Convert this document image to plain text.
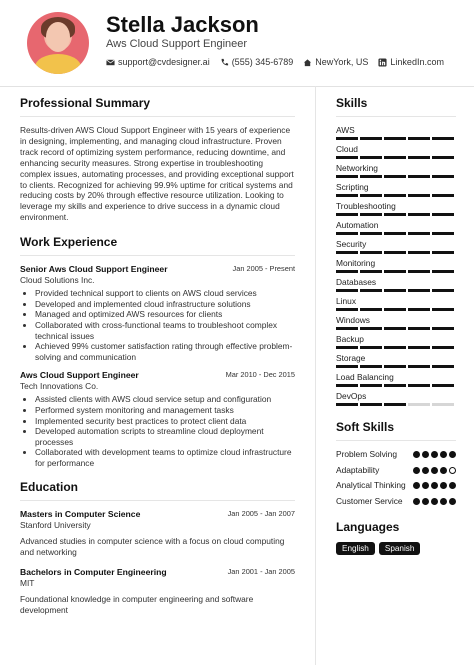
Stella Jackson
Aws Cloud Support Engineer
support@cvdesigner.ai (555) 345-6789 NewYork, US LinkedIn.com
Professional Summary

Results-driven AWS Cloud Support Engineer with 15 years of experience in designing, implementing, and managing cloud infrastructure. Proven track record of optimizing system performance, reducing downtime, and enhancing security measures. Strong expertise in troubleshooting complex issues, automating processes, and providing exceptional support to clients. Recognized for achieving 99.9% uptime for critical systems and reducing costs by 20% through effective resource utilization. Looking to leverage my skills and experience to drive success in a dynamic cloud environment.

Work Experience
Senior Aws Cloud Support Engineer	Jan 2005 - Present
Cloud Solutions Inc.
• Provided technical support to clients on AWS cloud services
• Developed and implemented cloud infrastructure solutions
• Managed and optimized AWS resources for clients
• Collaborated with cross-functional teams to troubleshoot complex technical issues
• Achieved 99% customer satisfaction rating through effective problem-solving and communication
Aws Cloud Support Engineer	Mar 2010 - Dec 2015
Tech Innovations Co.
• Assisted clients with AWS cloud service setup and configuration
• Performed system monitoring and management tasks
• Implemented security best practices to protect client data
• Developed automation scripts to streamline cloud deployment processes
• Collaborated with development teams to optimize cloud infrastructure for performance
Education
Masters in Computer Science	Jan 2005 - Jan 2007
Stanford University

Advanced studies in computer science with a focus on cloud computing and networking

Bachelors in Computer Engineering	Jan 2001 - Jan 2005
MIT

Foundational knowledge in computer engineering and software development

Skills
AWS
Cloud
Networking
Scripting
Troubleshooting
Automation
Security
Monitoring
Databases
Linux
Windows
Backup
Storage
Load Balancing
DevOps
Soft Skills
Problem Solving
Adaptability
Analytical Thinking
Customer Service
Languages
English	Spanish
